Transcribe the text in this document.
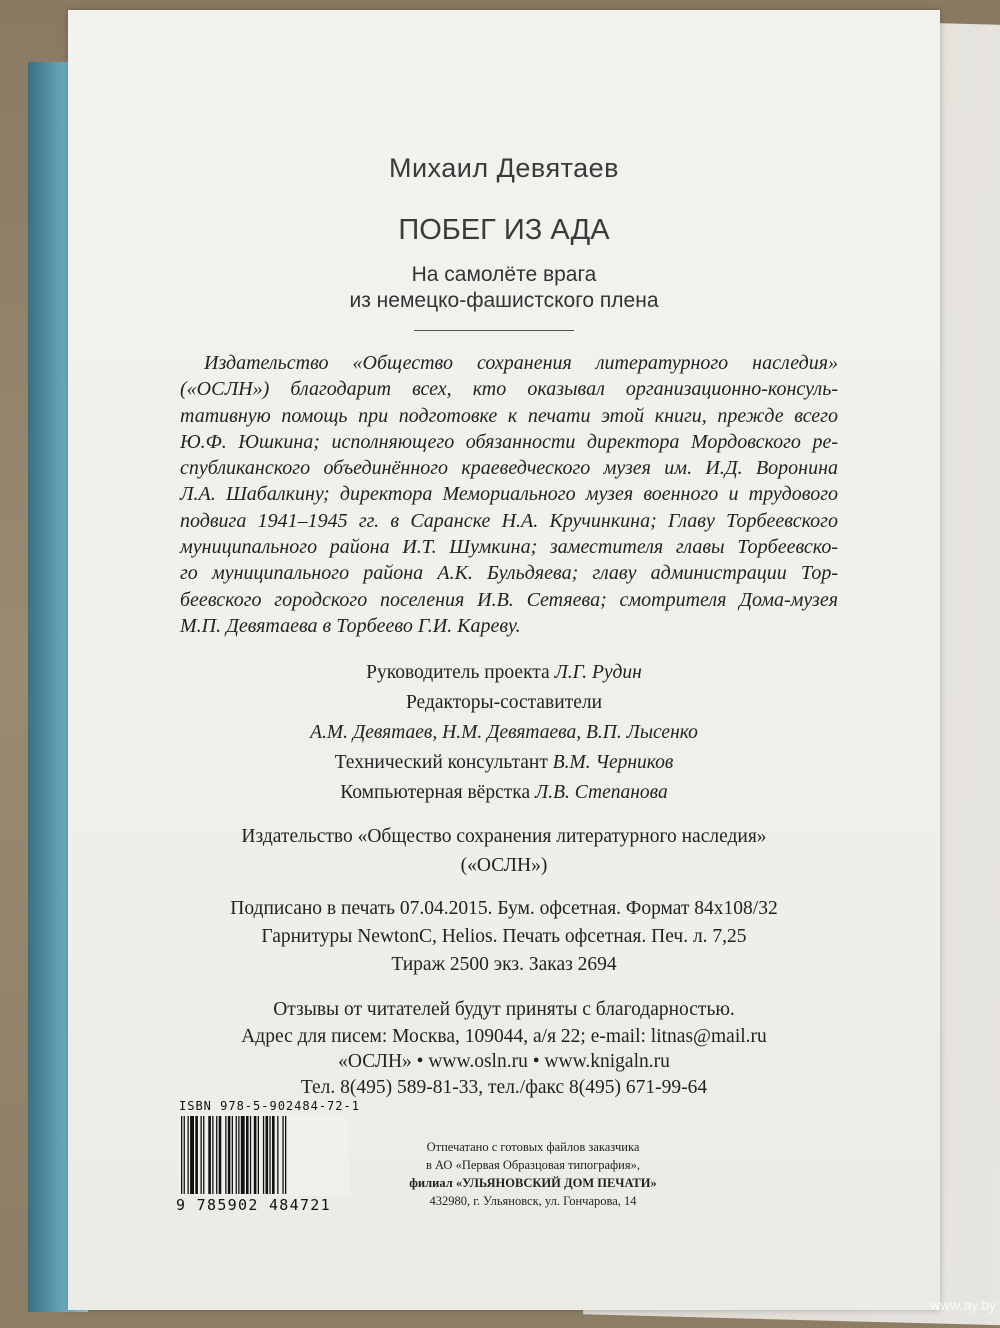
Михаил Девятаев
ПОБЕГ ИЗ АДА
На самолёте врага
из немецко-фашистского плена
Издательство «Общество сохранения литературного наследия»
(«ОСЛН») благодарит всех, кто оказывал организационно-консуль-
тативную помощь при подготовке к печати этой книги, прежде всего
Ю.Ф. Юшкина; исполняющего обязанности директора Мордовского ре-
спубликанского объединённого краеведческого музея им. И.Д. Воронина
Л.А. Шабалкину; директора Мемориального музея военного и трудового
подвига 1941–1945 гг. в Саранске Н.А. Кручинкина; Главу Торбеевского
муниципального района И.Т. Шумкина; заместителя главы Торбеевско-
го муниципального района А.К. Бульдяева; главу администрации Тор-
беевского городского поселения И.В. Сетяева; смотрителя Дома-музея
М.П. Девятаева в Торбеево Г.И. Кареву.
Руководитель проекта Л.Г. Рудин
Редакторы-составители
А.М. Девятаев, Н.М. Девятаева, В.П. Лысенко
Технический консультант В.М. Черников
Компьютерная вёрстка Л.В. Степанова
Издательство «Общество сохранения литературного наследия»
(«ОСЛН»)
Подписано в печать 07.04.2015. Бум. офсетная. Формат 84х108/32
Гарнитуры NewtonC, Helios. Печать офсетная. Печ. л. 7,25
Тираж 2500 экз. Заказ 2694
Отзывы от читателей будут приняты с благодарностью.
Адрес для писем: Москва, 109044, а/я 22; e-mail: litnas@mail.ru
«ОСЛН» • www.osln.ru • www.knigaln.ru
Тел. 8(495) 589-81-33, тел./факс 8(495) 671-99-64
ISBN 978-5-902484-72-1
9 785902 484721
Отпечатано с готовых файлов заказчика
в АО «Первая Образцовая типография»,
филиал «УЛЬЯНОВСКИЙ ДОМ ПЕЧАТИ»
432980, г. Ульяновск, ул. Гончарова, 14
www.ay.by
